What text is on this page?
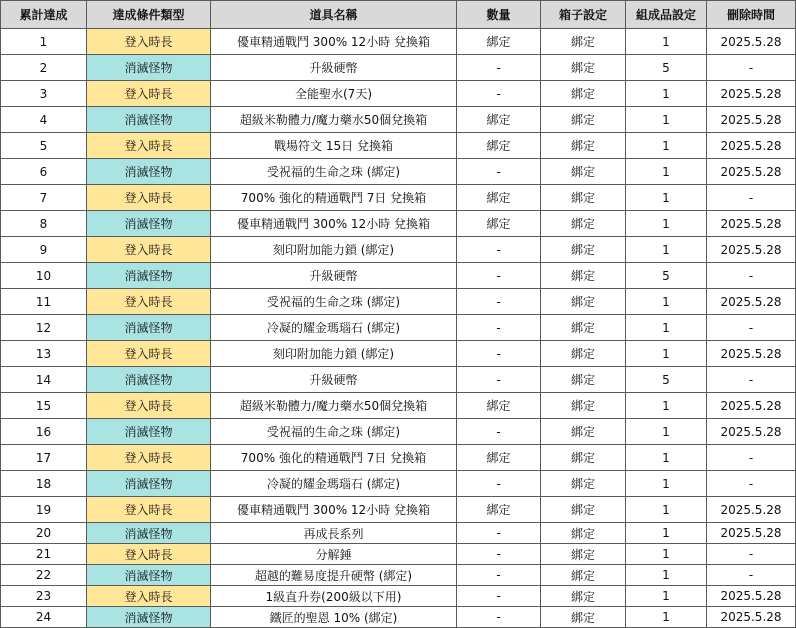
累計達成	達成條件類型	道具名稱	數量	箱子設定	組成品設定	刪除時間
1	登入時長	優車精通戰鬥 300% 12小時 兌換箱	綁定	綁定	1	2025.5.28
2	消滅怪物	升級硬幣	-	綁定	5	-
3	登入時長	全能聖水(7天)	-	綁定	1	2025.5.28
4	消滅怪物	超級米勒體力/魔力藥水50個兌換箱	綁定	綁定	1	2025.5.28
5	登入時長	戰場符文 15日 兌換箱	綁定	綁定	1	2025.5.28
6	消滅怪物	受祝福的生命之珠 (綁定)	-	綁定	1	2025.5.28
7	登入時長	700% 強化的精通戰鬥 7日 兌換箱	綁定	綁定	1	-
8	消滅怪物	優車精通戰鬥 300% 12小時 兌換箱	綁定	綁定	1	2025.5.28
9	登入時長	刻印附加能力鎖 (綁定)	-	綁定	1	2025.5.28
10	消滅怪物	升級硬幣	-	綁定	5	-
11	登入時長	受祝福的生命之珠 (綁定)	-	綁定	1	2025.5.28
12	消滅怪物	冷凝的耀金瑪瑙石 (綁定)	-	綁定	1	-
13	登入時長	刻印附加能力鎖 (綁定)	-	綁定	1	2025.5.28
14	消滅怪物	升級硬幣	-	綁定	5	-
15	登入時長	超級米勒體力/魔力藥水50個兌換箱	綁定	綁定	1	2025.5.28
16	消滅怪物	受祝福的生命之珠 (綁定)	-	綁定	1	2025.5.28
17	登入時長	700% 強化的精通戰鬥 7日 兌換箱	綁定	綁定	1	-
18	消滅怪物	冷凝的耀金瑪瑙石 (綁定)	-	綁定	1	-
19	登入時長	優車精通戰鬥 300% 12小時 兌換箱	綁定	綁定	1	2025.5.28
20	消滅怪物	再成長系列	-	綁定	1	2025.5.28
21	登入時長	分解錘	-	綁定	1	-
22	消滅怪物	超越的難易度提升硬幣 (綁定)	-	綁定	1	-
23	登入時長	1級直升券(200級以下用)	-	綁定	1	2025.5.28
24	消滅怪物	鐵匠的聖恩 10% (綁定)	-	綁定	1	2025.5.28
